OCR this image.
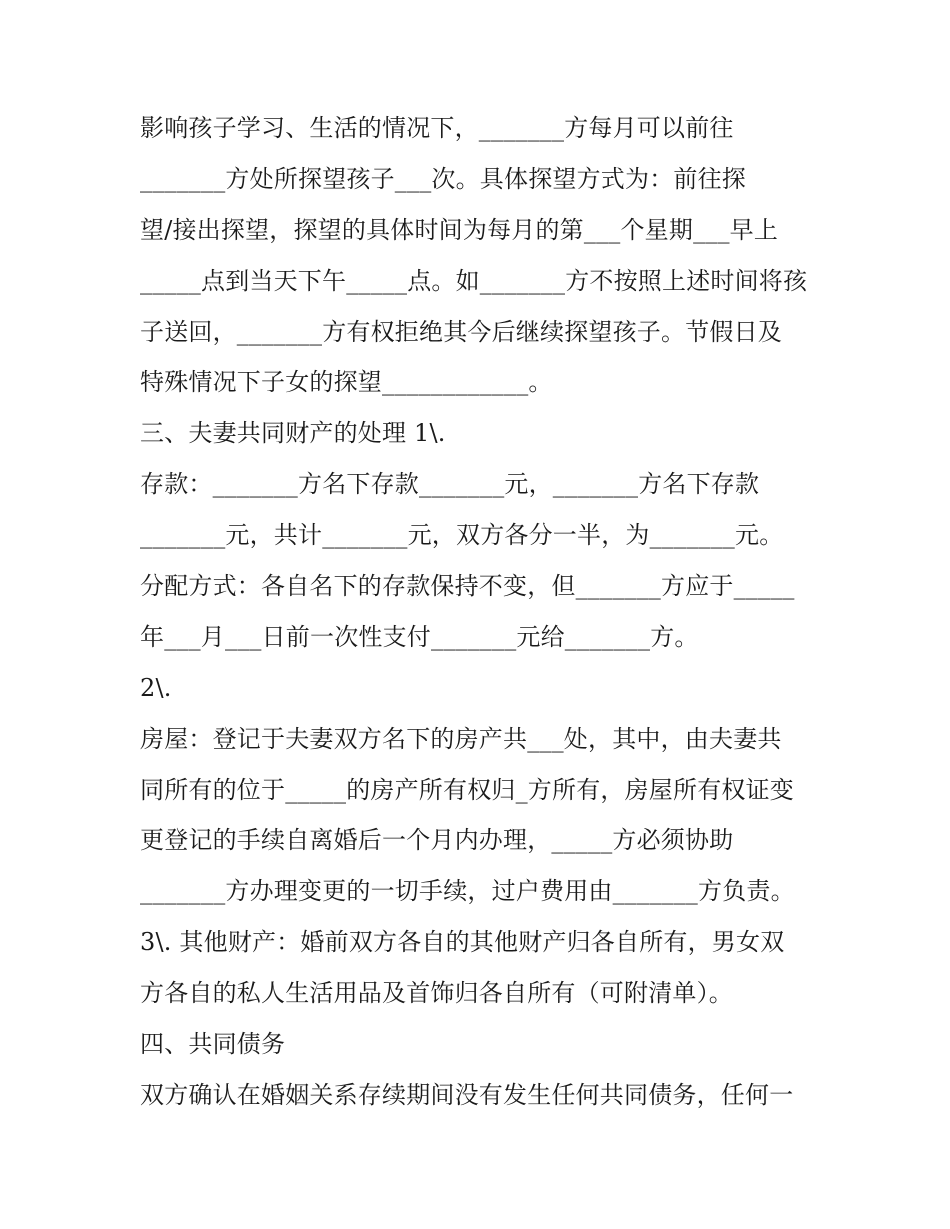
影响孩子学习、生活的情况下，_______方每月可以前往
_______方处所探望孩子___次。具体探望方式为：前往探
望/接出探望，探望的具体时间为每月的第___个星期___早上
_____点到当天下午_____点。如_______方不按照上述时间将孩
子送回，_______方有权拒绝其今后继续探望孩子。节假日及
特殊情况下子女的探望____________。
三、夫妻共同财产的处理 1\.
存款：_______方名下存款_______元，_______方名下存款
_______元，共计_______元，双方各分一半，为_______元。
分配方式：各自名下的存款保持不变，但_______方应于_____
年___月___日前一次性支付_______元给_______方。
2\.
房屋：登记于夫妻双方名下的房产共___处，其中，由夫妻共
同所有的位于_____的房产所有权归_方所有，房屋所有权证变
更登记的手续自离婚后一个月内办理，_____方必须协助
_______方办理变更的一切手续，过户费用由_______方负责。
3\. 其他财产：婚前双方各自的其他财产归各自所有，男女双
方各自的私人生活用品及首饰归各自所有（可附清单）。
四、共同债务
双方确认在婚姻关系存续期间没有发生任何共同债务，任何一
